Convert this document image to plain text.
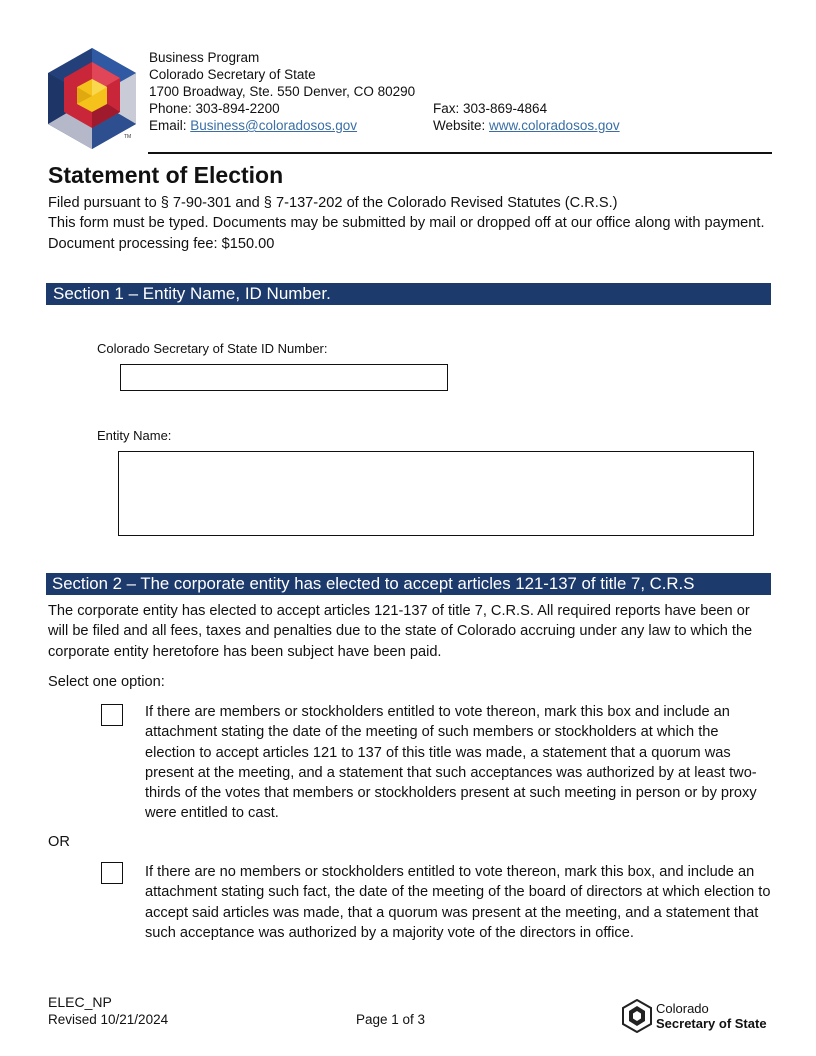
TM
Business Program
Colorado Secretary of State
1700 Broadway, Ste. 550 Denver, CO 80290
Phone: 303-894-2200	Fax: 303-869-4864
Email: Business@coloradosos.gov	Website: www.coloradosos.gov
Statement of Election
Filed pursuant to § 7-90-301 and § 7-137-202 of the Colorado Revised Statutes (C.R.S.)
This form must be typed. Documents may be submitted by mail or dropped off at our office along with payment.
Document processing fee: $150.00
Section 1 – Entity Name, ID Number.
Colorado Secretary of State ID Number:
Entity Name:
Section 2 – The corporate entity has elected to accept articles 121-137 of title 7, C.R.S
The corporate entity has elected to accept articles 121-137 of title 7, C.R.S. All required reports have been or will be filed and all fees, taxes and penalties due to the state of Colorado accruing under any law to which the corporate entity heretofore has been subject have been paid.
Select one option:
If there are members or stockholders entitled to vote thereon, mark this box and include an attachment stating the date of the meeting of such members or stockholders at which the election to accept articles 121 to 137 of this title was made, a statement that a quorum was present at the meeting, and a statement that such acceptances was authorized by at least two-thirds of the votes that members or stockholders present at such meeting in person or by proxy were entitled to cast.
OR
If there are no members or stockholders entitled to vote thereon, mark this box, and include an attachment stating such fact, the date of the meeting of the board of directors at which election to accept said articles was made, that a quorum was present at the meeting, and a statement that such acceptance was authorized by a majority vote of the directors in office.
ELEC_NP
Revised 10/21/2024	Page 1 of 3
Colorado
Secretary of State
